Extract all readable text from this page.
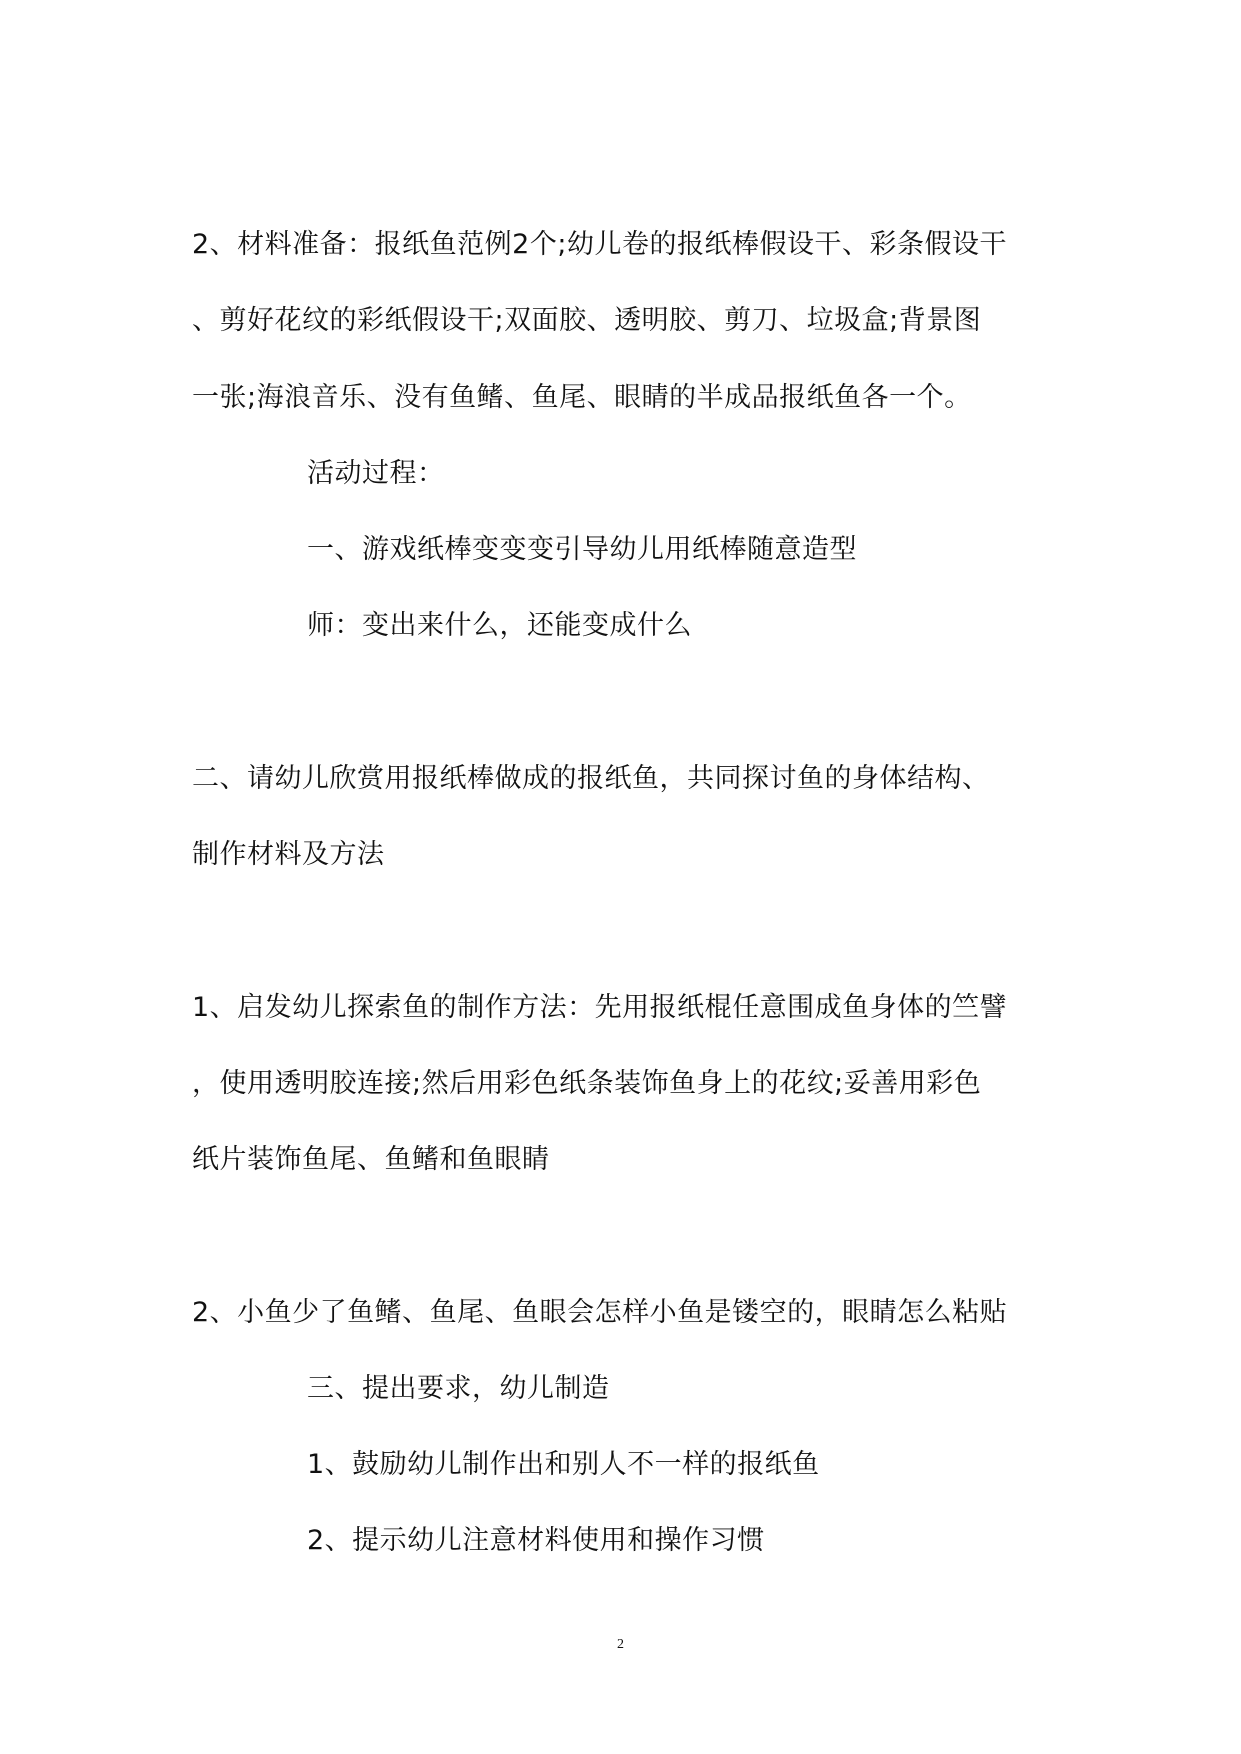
2、材料准备：报纸鱼范例2个;幼儿卷的报纸棒假设干、彩条假设干
、剪好花纹的彩纸假设干;双面胶、透明胶、剪刀、垃圾盒;背景图
一张;海浪音乐、没有鱼鳍、鱼尾、眼睛的半成品报纸鱼各一个。
活动过程：
一、游戏纸棒变变变引导幼儿用纸棒随意造型
师：变出来什么，还能变成什么
二、请幼儿欣赏用报纸棒做成的报纸鱼，共同探讨鱼的身体结构、
制作材料及方法
1、启发幼儿探索鱼的制作方法：先用报纸棍任意围成鱼身体的竺譬
，使用透明胶连接;然后用彩色纸条装饰鱼身上的花纹;妥善用彩色
纸片装饰鱼尾、鱼鳍和鱼眼睛
2、小鱼少了鱼鳍、鱼尾、鱼眼会怎样小鱼是镂空的，眼睛怎么粘贴
三、提出要求，幼儿制造
1、鼓励幼儿制作出和别人不一样的报纸鱼
2、提示幼儿注意材料使用和操作习惯
2
